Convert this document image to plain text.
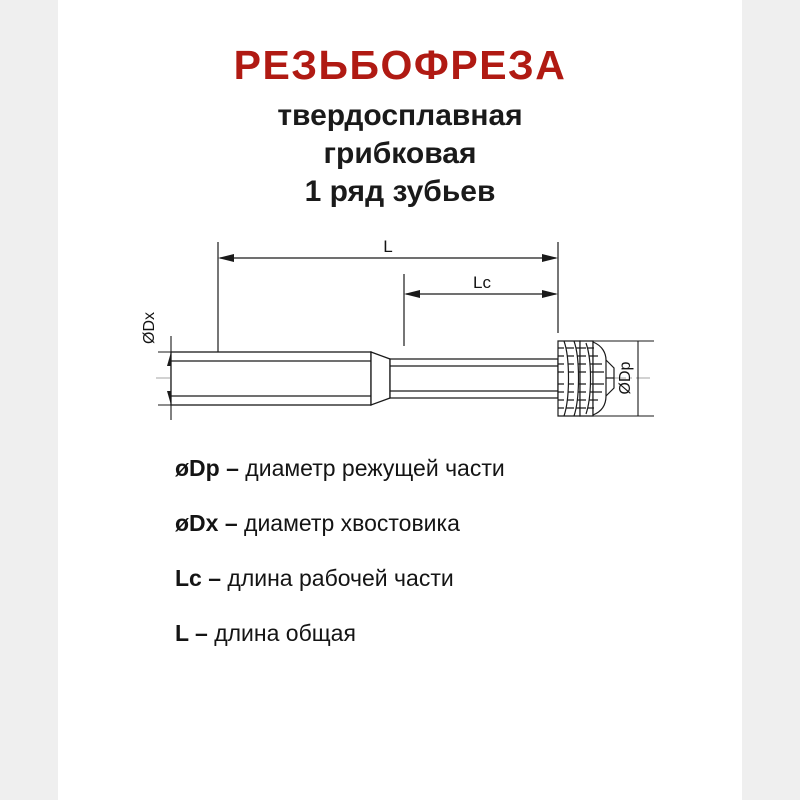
РЕЗЬБОФРЕЗА
твердосплавная
грибковая
1 ряд зубьев
L
Lc
ØDx
ØDp
øDp – диаметр режущей части
øDx – диаметр хвостовика
Lc – длина рабочей части
L – длина общая
